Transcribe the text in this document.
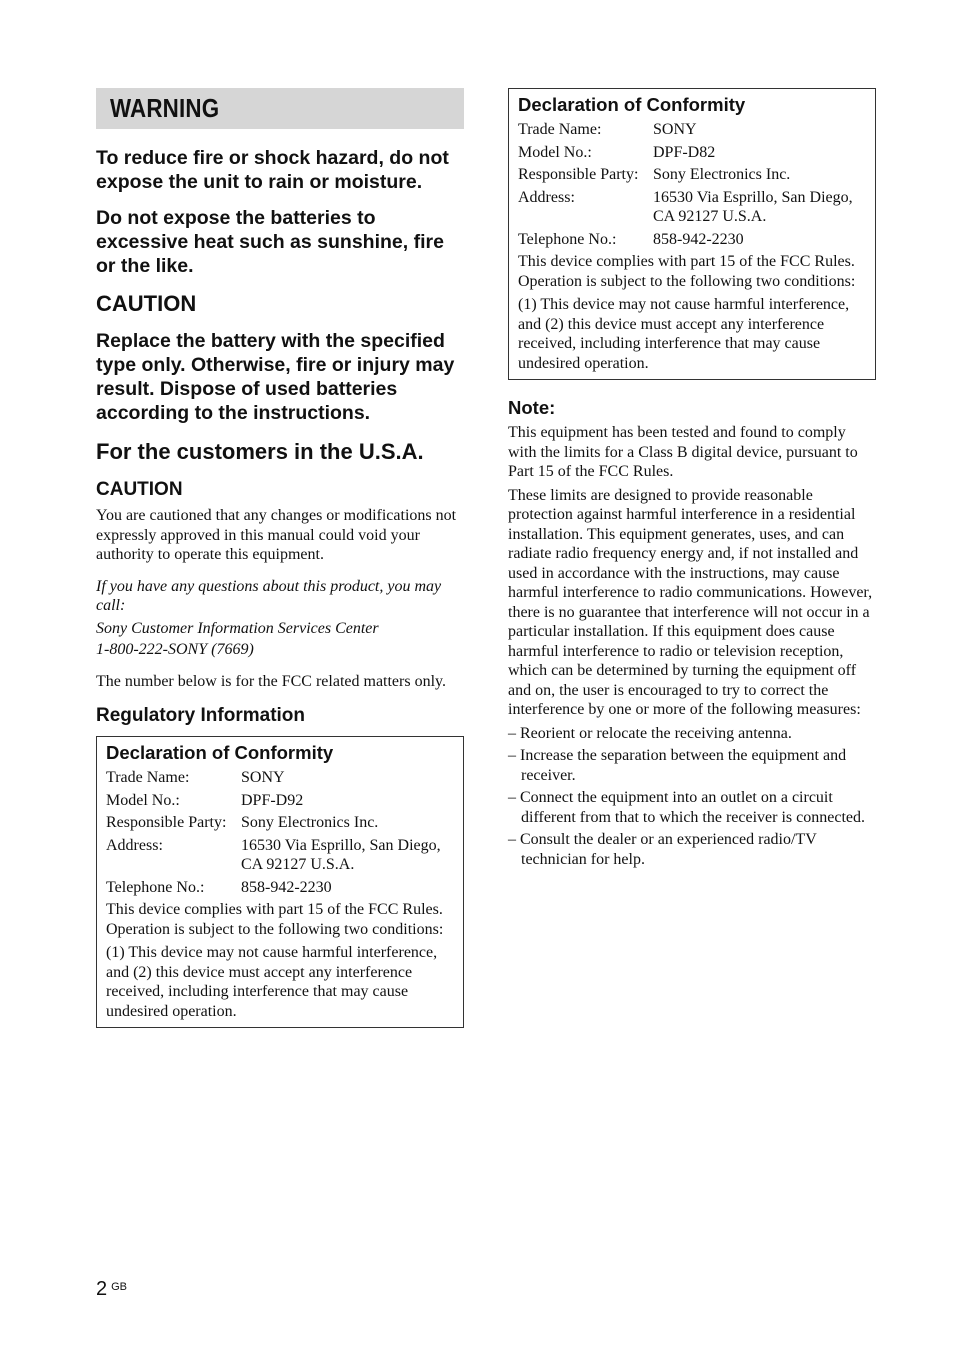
WARNING

To reduce fire or shock hazard, do not expose the unit to rain or moisture.

Do not expose the batteries to excessive heat such as sunshine, fire or the like.

CAUTION

Replace the battery with the specified type only. Otherwise, fire or injury may result. Dispose of used batteries according to the instructions.

For the customers in the U.S.A.
CAUTION

You are cautioned that any changes or modifications not expressly approved in this manual could void your authority to operate this equipment.

If you have any questions about this product, you may call:

Sony Customer Information Services Center

1-800-222-SONY (7669)

The number below is for the FCC related matters only.

Regulatory Information

Declaration of Conformity

Trade Name:	SONY
Model No.:	DPF-D92
Responsible Party: Sony Electronics Inc.
Address:	16530 Via Esprillo, San Diego, CA 92127 U.S.A.
Telephone No.:	858-942-2230

This device complies with part 15 of the FCC Rules. Operation is subject to the following two conditions:

(1) This device may not cause harmful interference, and (2) this device must accept any interference received, including interference that may cause undesired operation.

Declaration of Conformity

Trade Name:	SONY
Model No.:	DPF-D82
Responsible Party: Sony Electronics Inc.
Address:	16530 Via Esprillo, San Diego, CA 92127 U.S.A.
Telephone No.:	858-942-2230

This device complies with part 15 of the FCC Rules. Operation is subject to the following two conditions:

(1) This device may not cause harmful interference, and (2) this device must accept any interference received, including interference that may cause undesired operation.

Note:

This equipment has been tested and found to comply with the limits for a Class B digital device, pursuant to Part 15 of the FCC Rules.

These limits are designed to provide reasonable protection against harmful interference in a residential installation. This equipment generates, uses, and can radiate radio frequency energy and, if not installed and used in accordance with the instructions, may cause harmful interference to radio communications. However, there is no guarantee that interference will not occur in a particular installation. If this equipment does cause harmful interference to radio or television reception, which can be determined by turning the equipment off and on, the user is encouraged to try to correct the interference by one or more of the following measures:

– Reorient or relocate the receiving antenna.
– Increase the separation between the equipment and receiver.
– Connect the equipment into an outlet on a circuit different from that to which the receiver is connected.
– Consult the dealer or an experienced radio/TV technician for help.
2 $^{GB}$
